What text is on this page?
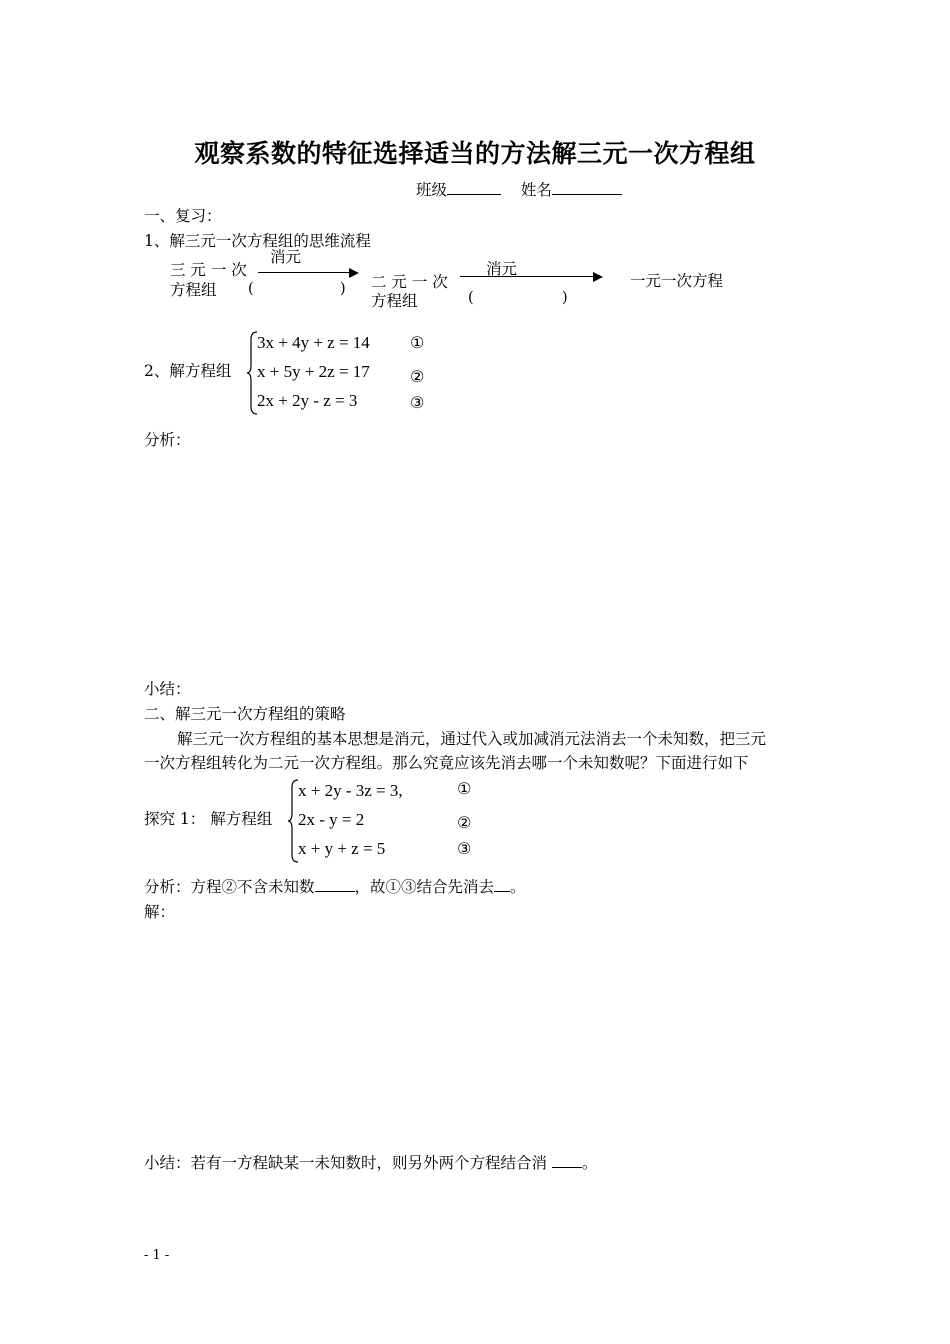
观察系数的特征选择适当的方法解三元一次方程组
班级	姓名
一、复习：
1、解三元一次方程组的思维流程
三 元 一 次
方程组
消元
(	) 二 元 一 次
方程组
消元
(	)
一元一次方程
2、解方程组
3x + 4y + z = 14	①
x + 5y + 2z = 17	②
2x + 2y - z = 3	③
分析：
小结：
二、解三元一次方程组的策略
解三元一次方程组的基本思想是消元，通过代入或加减消元法消去一个未知数，把三元
一次方程组转化为二元一次方程组。那么究竟应该先消去哪一个未知数呢？下面进行如下
探究 1： 解方程组
x + 2y - 3z = 3,	①
2x - y = 2	②
x + y + z = 5	③
分析：方程②不含未知数	，故①③结合先消去 。
解：
小结：若有一方程缺某一未知数时，则另外两个方程结合消 。
- 1 -
